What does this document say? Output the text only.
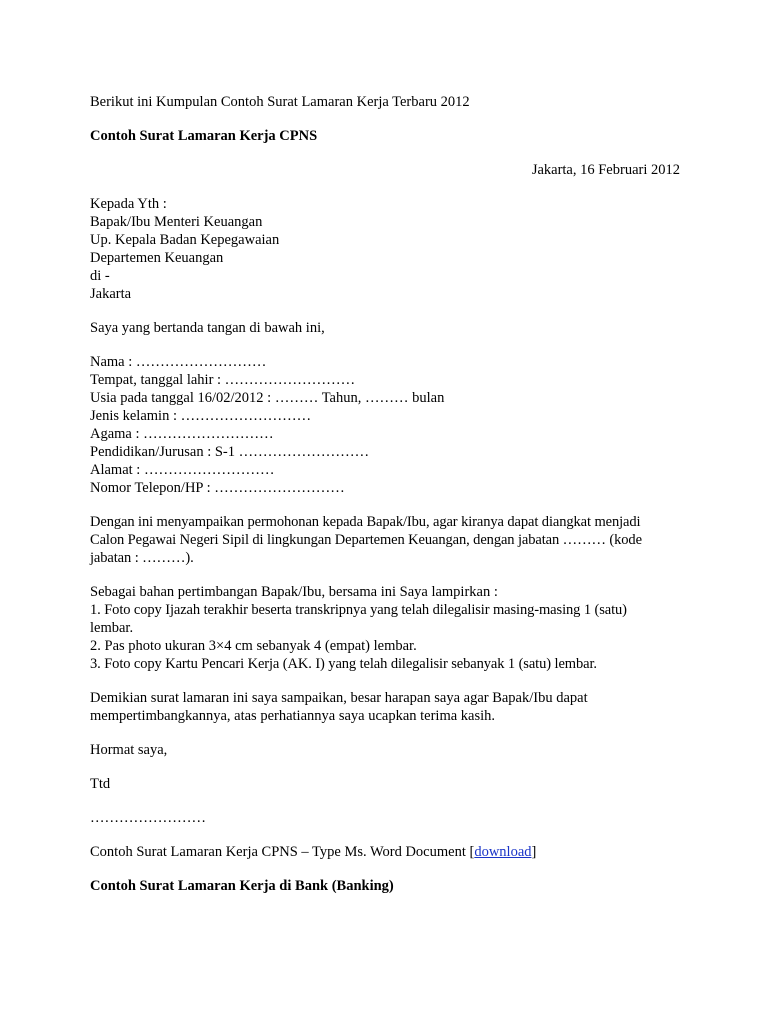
Berikut ini Kumpulan Contoh Surat Lamaran Kerja Terbaru 2012

Contoh Surat Lamaran Kerja CPNS

Jakarta, 16 Februari 2012

Kepada Yth :

Bapak/Ibu Menteri Keuangan

Up. Kepala Badan Kepegawaian

Departemen Keuangan

di -

Jakarta

Saya yang bertanda tangan di bawah ini,

Nama : ………………………

Tempat, tanggal lahir : ………………………

Usia pada tanggal 16/02/2012 : ……… Tahun, ……… bulan

Jenis kelamin : ………………………

Agama : ………………………

Pendidikan/Jurusan : S-1 ………………………

Alamat : ………………………

Nomor Telepon/HP : ………………………

Dengan ini menyampaikan permohonan kepada Bapak/Ibu, agar kiranya dapat diangkat menjadi

Calon Pegawai Negeri Sipil di lingkungan Departemen Keuangan, dengan jabatan ……… (kode

jabatan : ………).

Sebagai bahan pertimbangan Bapak/Ibu, bersama ini Saya lampirkan :

1. Foto copy Ijazah terakhir beserta transkripnya yang telah dilegalisir masing-masing 1 (satu)

lembar.

2. Pas photo ukuran 3×4 cm sebanyak 4 (empat) lembar.

3. Foto copy Kartu Pencari Kerja (AK. I) yang telah dilegalisir sebanyak 1 (satu) lembar.

Demikian surat lamaran ini saya sampaikan, besar harapan saya agar Bapak/Ibu dapat

mempertimbangkannya, atas perhatiannya saya ucapkan terima kasih.

Hormat saya,

Ttd

……………………

Contoh Surat Lamaran Kerja CPNS – Type Ms. Word Document [download]

Contoh Surat Lamaran Kerja di Bank (Banking)
